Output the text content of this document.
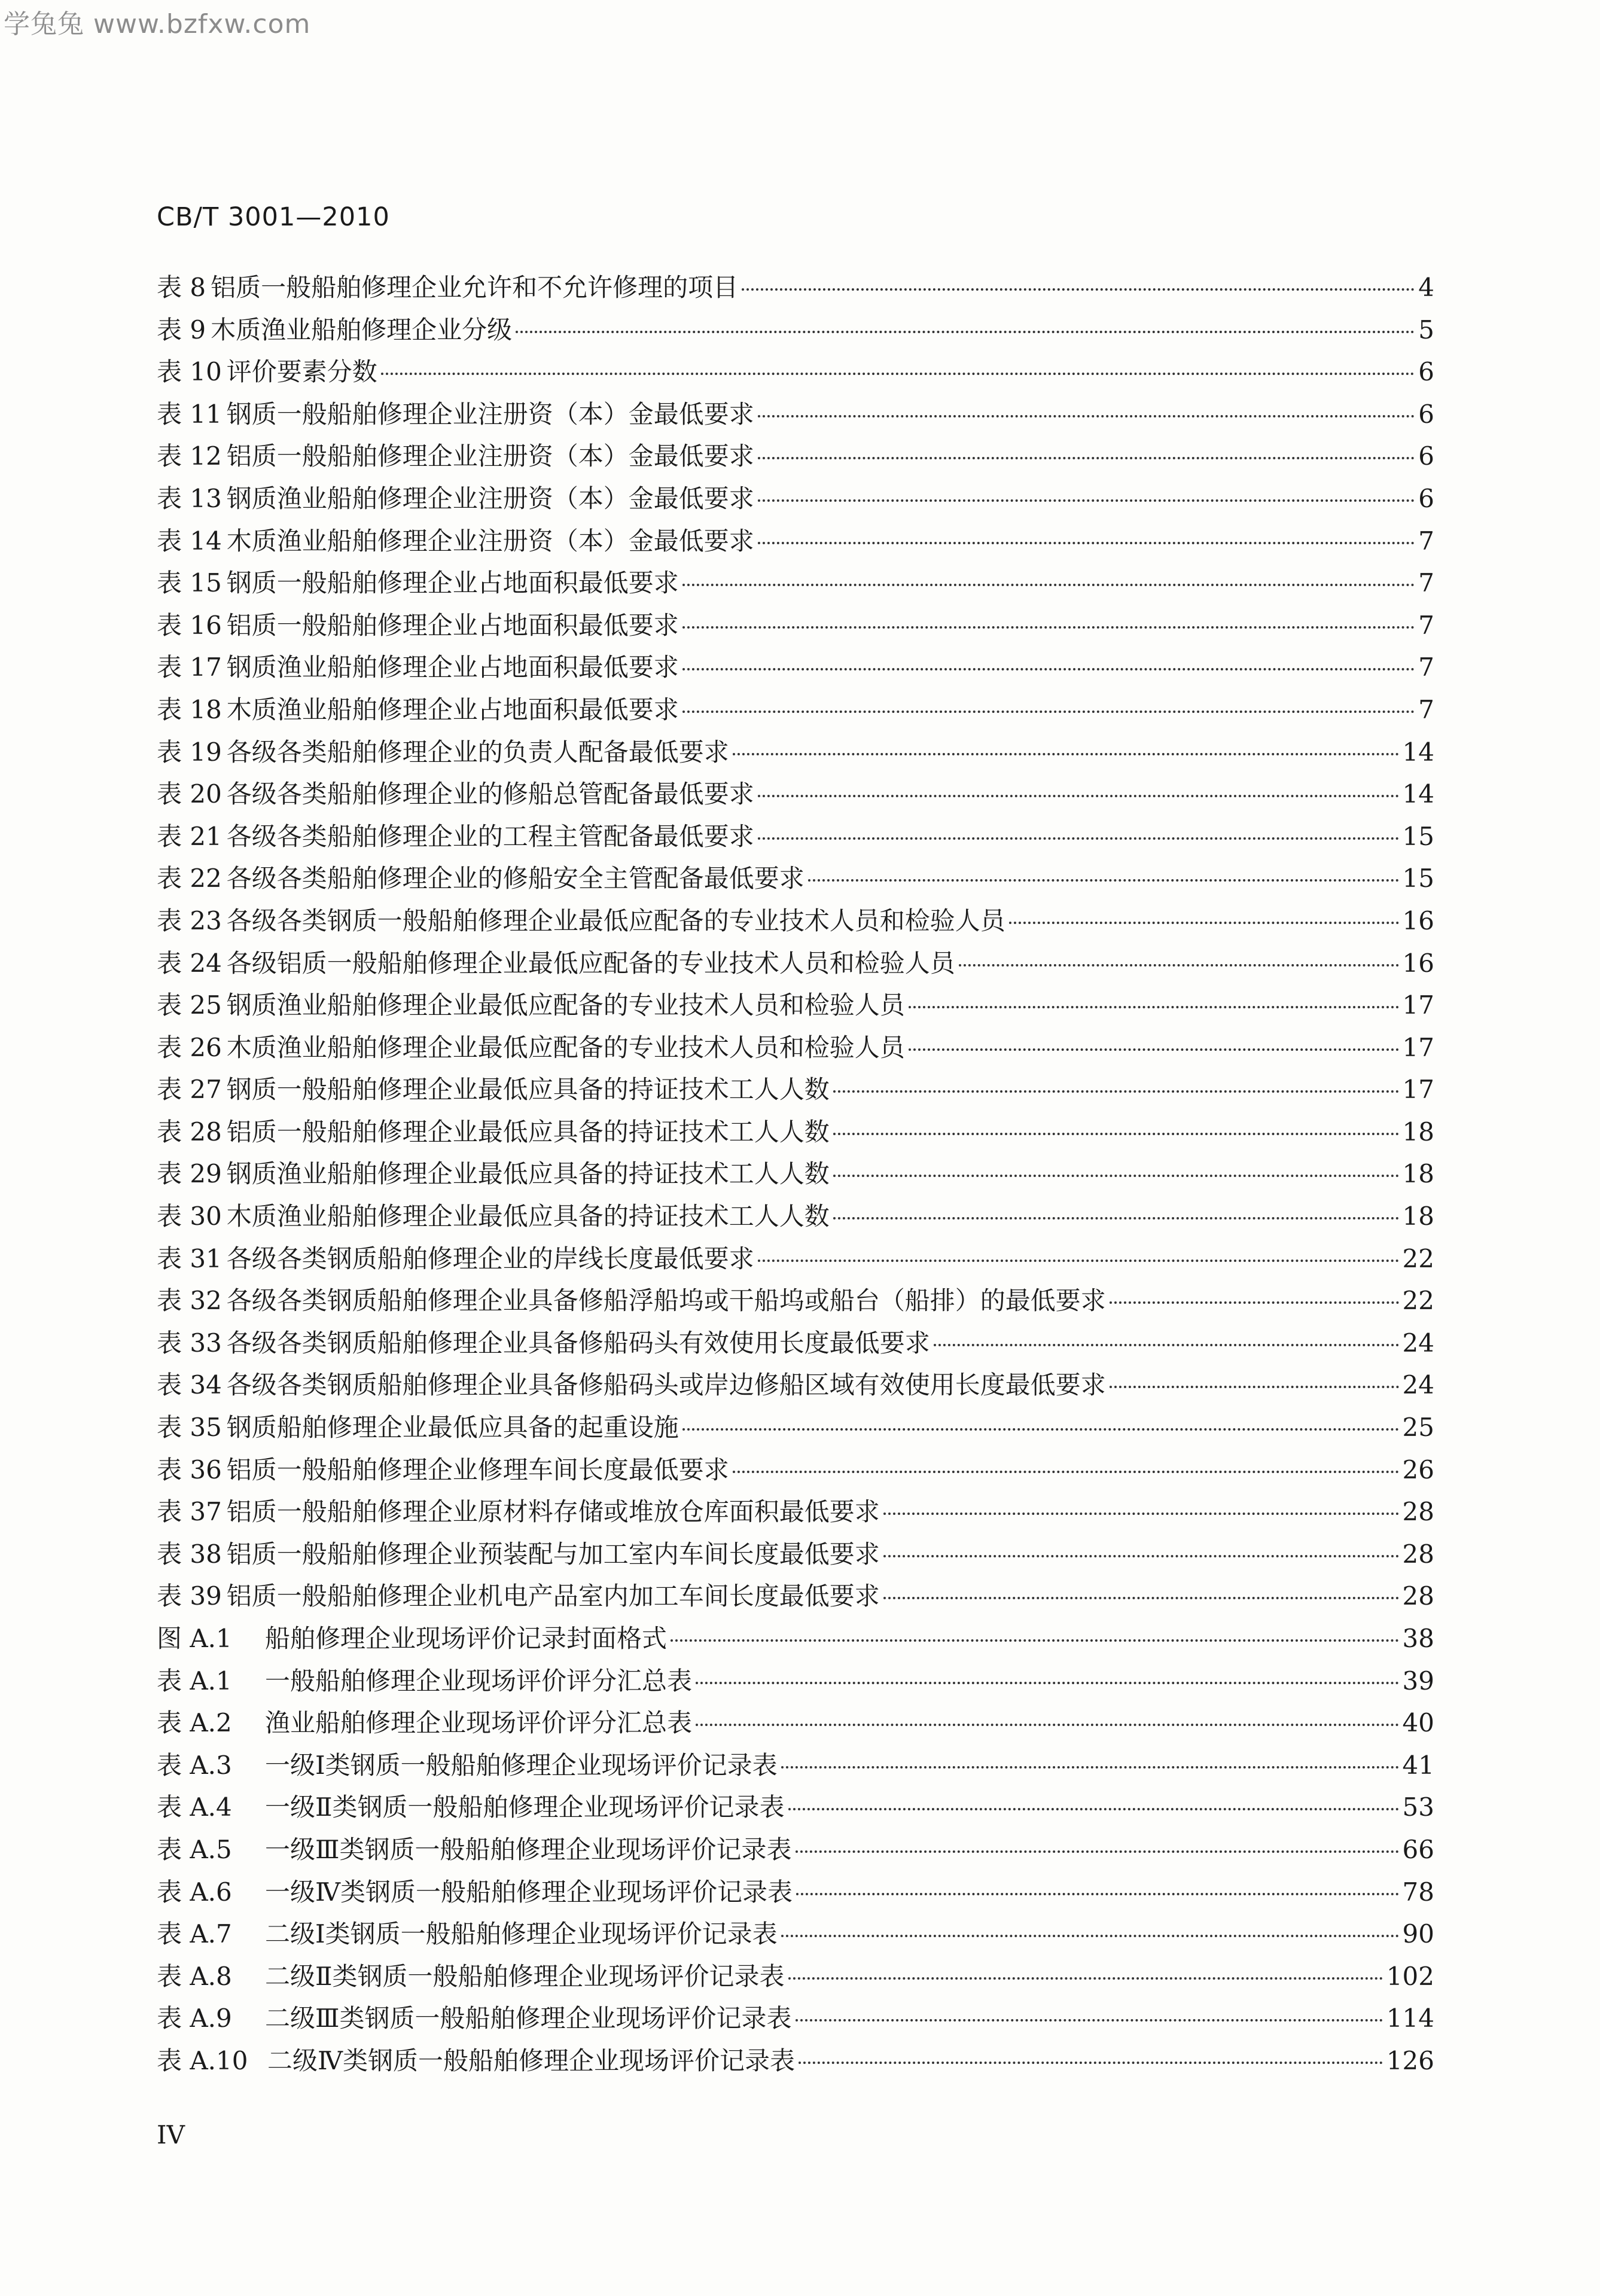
学兔兔 www.bzfxw.com
CB/T 3001—2010
表 8 铝质一般船舶修理企业允许和不允许修理的项目	4
表 9 木质渔业船舶修理企业分级	5
表 10 评价要素分数	6
表 11 钢质一般船舶修理企业注册资（本）金最低要求	6
表 12 铝质一般船舶修理企业注册资（本）金最低要求	6
表 13 钢质渔业船舶修理企业注册资（本）金最低要求	6
表 14 木质渔业船舶修理企业注册资（本）金最低要求	7
表 15 钢质一般船舶修理企业占地面积最低要求	7
表 16 铝质一般船舶修理企业占地面积最低要求	7
表 17 钢质渔业船舶修理企业占地面积最低要求	7
表 18 木质渔业船舶修理企业占地面积最低要求	7
表 19 各级各类船舶修理企业的负责人配备最低要求	14
表 20 各级各类船舶修理企业的修船总管配备最低要求	14
表 21 各级各类船舶修理企业的工程主管配备最低要求	15
表 22 各级各类船舶修理企业的修船安全主管配备最低要求	15
表 23 各级各类钢质一般船舶修理企业最低应配备的专业技术人员和检验人员	16
表 24 各级铝质一般船舶修理企业最低应配备的专业技术人员和检验人员	16
表 25 钢质渔业船舶修理企业最低应配备的专业技术人员和检验人员	17
表 26 木质渔业船舶修理企业最低应配备的专业技术人员和检验人员	17
表 27 钢质一般船舶修理企业最低应具备的持证技术工人人数	17
表 28 铝质一般船舶修理企业最低应具备的持证技术工人人数	18
表 29 钢质渔业船舶修理企业最低应具备的持证技术工人人数	18
表 30 木质渔业船舶修理企业最低应具备的持证技术工人人数	18
表 31 各级各类钢质船舶修理企业的岸线长度最低要求	22
表 32 各级各类钢质船舶修理企业具备修船浮船坞或干船坞或船台（船排）的最低要求	22
表 33 各级各类钢质船舶修理企业具备修船码头有效使用长度最低要求	24
表 34 各级各类钢质船舶修理企业具备修船码头或岸边修船区域有效使用长度最低要求	24
表 35 钢质船舶修理企业最低应具备的起重设施	25
表 36 铝质一般船舶修理企业修理车间长度最低要求	26
表 37 铝质一般船舶修理企业原材料存储或堆放仓库面积最低要求	28
表 38 铝质一般船舶修理企业预装配与加工室内车间长度最低要求	28
表 39 铝质一般船舶修理企业机电产品室内加工车间长度最低要求	28
图 A.1	船舶修理企业现场评价记录封面格式	38
表 A.1	一般船舶修理企业现场评价评分汇总表	39
表 A.2	渔业船舶修理企业现场评价评分汇总表	40
表 A.3	一级Ⅰ类钢质一般船舶修理企业现场评价记录表	41
表 A.4	一级Ⅱ类钢质一般船舶修理企业现场评价记录表	53
表 A.5	一级Ⅲ类钢质一般船舶修理企业现场评价记录表	66
表 A.6	一级Ⅳ类钢质一般船舶修理企业现场评价记录表	78
表 A.7	二级Ⅰ类钢质一般船舶修理企业现场评价记录表	90
表 A.8	二级Ⅱ类钢质一般船舶修理企业现场评价记录表	102
表 A.9	二级Ⅲ类钢质一般船舶修理企业现场评价记录表	114
表 A.10 二级Ⅳ类钢质一般船舶修理企业现场评价记录表	126
IV
